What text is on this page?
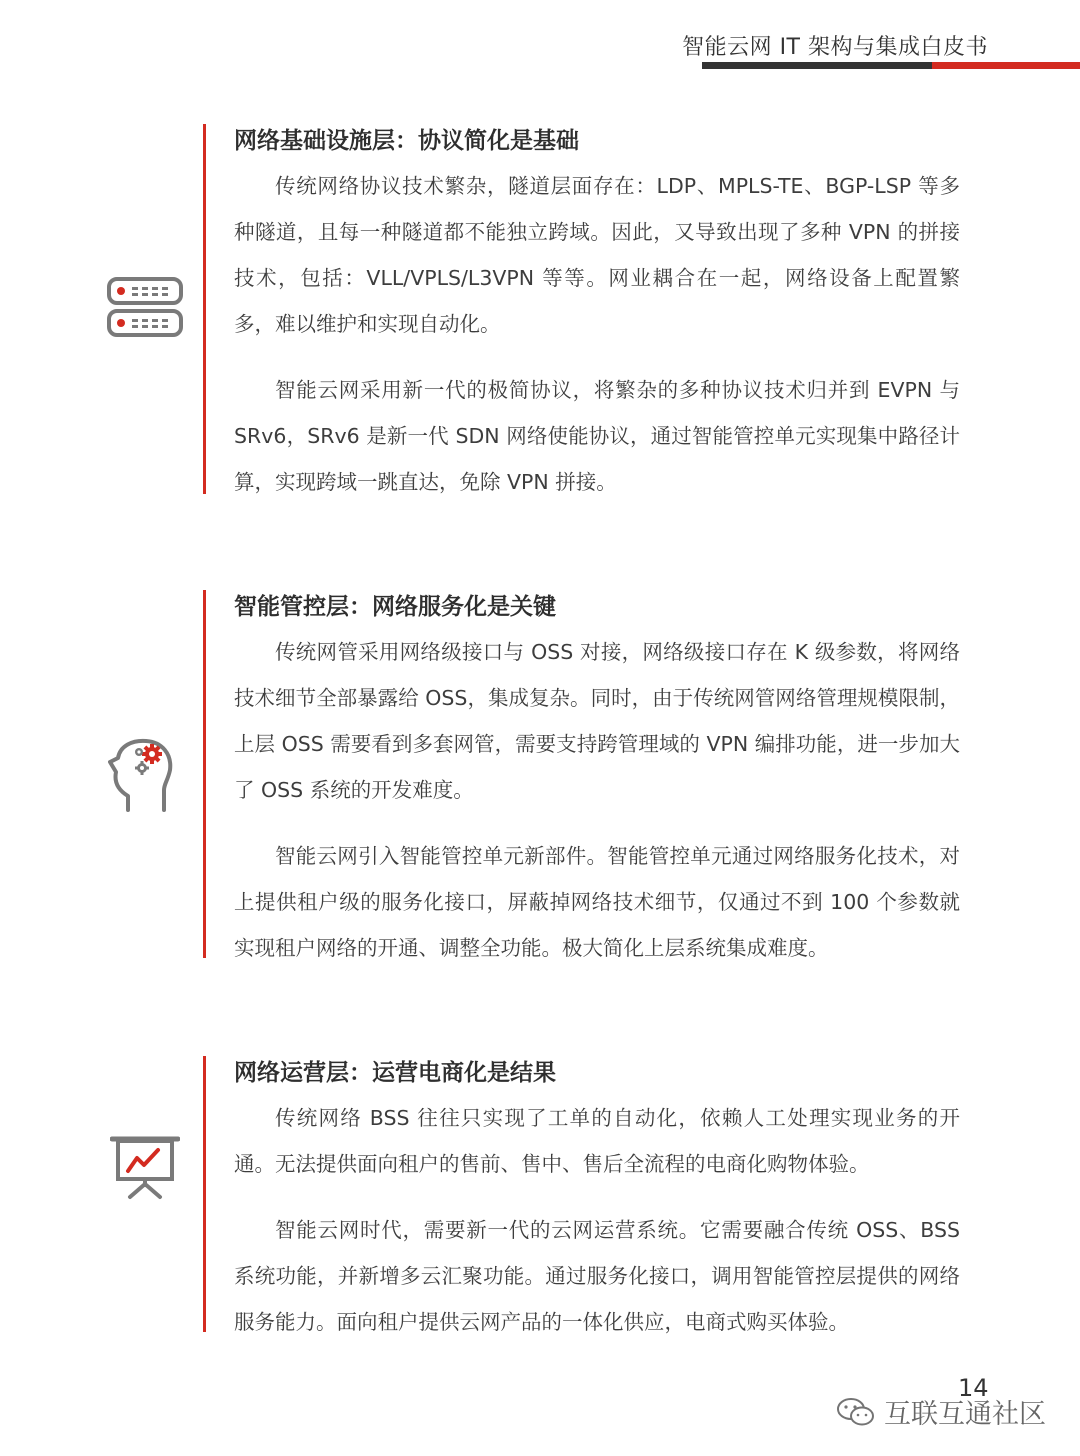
智能云网 IT 架构与集成白皮书
网络基础设施层：协议简化是基础

传统网络协议技术繁杂，隧道层面存在：LDP、MPLS-TE、BGP-LSP 等多种隧道，且每一种隧道都不能独立跨域。因此，又导致出现了多种 VPN 的拼接技术，包括：VLL/VPLS/L3VPN 等等。网业耦合在一起，网络设备上配置繁多，难以维护和实现自动化。

智能云网采用新一代的极简协议，将繁杂的多种协议技术归并到 EVPN 与 SRv6，SRv6 是新一代 SDN 网络使能协议，通过智能管控单元实现集中路径计算，实现跨域一跳直达，免除 VPN 拼接。

智能管控层：网络服务化是关键

传统网管采用网络级接口与 OSS 对接，网络级接口存在 K 级参数，将网络技术细节全部暴露给 OSS，集成复杂。同时，由于传统网管网络管理规模限制，上层 OSS 需要看到多套网管，需要支持跨管理域的 VPN 编排功能，进一步加大了 OSS 系统的开发难度。

智能云网引入智能管控单元新部件。智能管控单元通过网络服务化技术，对上提供租户级的服务化接口，屏蔽掉网络技术细节，仅通过不到 100 个参数就实现租户网络的开通、调整全功能。极大简化上层系统集成难度。

网络运营层：运营电商化是结果

传统网络 BSS 往往只实现了工单的自动化，依赖人工处理实现业务的开通。无法提供面向租户的售前、售中、售后全流程的电商化购物体验。

智能云网时代，需要新一代的云网运营系统。它需要融合传统 OSS、BSS 系统功能，并新增多云汇聚功能。通过服务化接口，调用智能管控层提供的网络服务能力。面向租户提供云网产品的一体化供应，电商式购买体验。

14
互联互通社区
